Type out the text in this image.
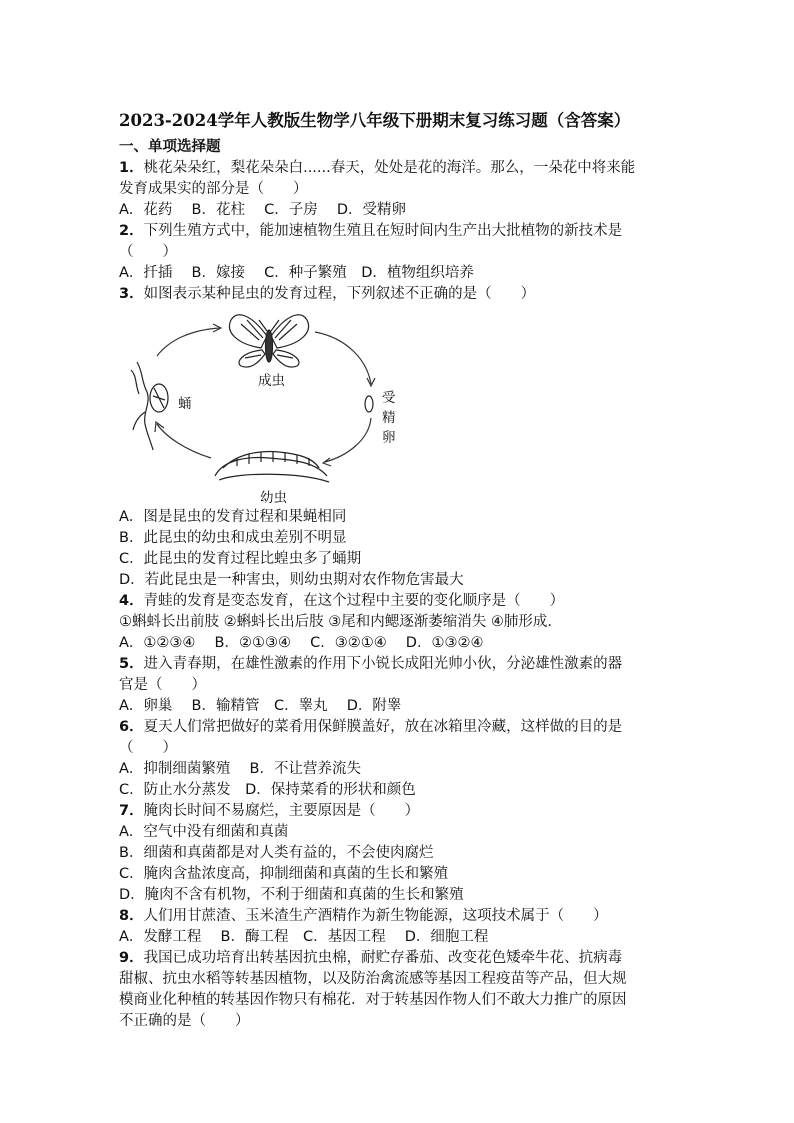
2023-2024学年人教版生物学八年级下册期末复习练习题（含答案）
一、单项选择题
1．桃花朵朵红，梨花朵朵白......春天，处处是花的海洋。那么，一朵花中将来能
发育成果实的部分是（　　）
A．花药　 B．花柱　 C．子房　 D．受精卵
2．下列生殖方式中，能加速植物生殖且在短时间内生产出大批植物的新技术是
（　　）
A．扦插　 B．嫁接　 C．种子繁殖　D．植物组织培养
3．如图表示某种昆虫的发育过程，下列叙述不正确的是（　　）
成虫
蛹	受
精
卵
幼虫
A．图是昆虫的发育过程和果蝇相同
B．此昆虫的幼虫和成虫差别不明显
C．此昆虫的发育过程比蝗虫多了蛹期
D．若此昆虫是一种害虫，则幼虫期对农作物危害最大
4．青蛙的发育是变态发育，在这个过程中主要的变化顺序是（　　）
①蝌蚪长出前肢 ②蝌蚪长出后肢 ③尾和内鳃逐渐萎缩消失 ④肺形成.
A．①②③④　 B．②①③④　 C．③②①④　 D．①③②④
5．进入青春期，在雄性激素的作用下小锐长成阳光帅小伙，分泌雄性激素的器
官是（　　）
A．卵巢　 B．输精管　C．睾丸　 D．附睾
6．夏天人们常把做好的菜肴用保鲜膜盖好，放在冰箱里冷藏，这样做的目的是
（　　）
A．抑制细菌繁殖　 B．不让营养流失
C．防止水分蒸发　D．保持菜肴的形状和颜色
7．腌肉长时间不易腐烂，主要原因是（　　）
A．空气中没有细菌和真菌
B．细菌和真菌都是对人类有益的，不会使肉腐烂
C．腌肉含盐浓度高，抑制细菌和真菌的生长和繁殖
D．腌肉不含有机物，不利于细菌和真菌的生长和繁殖
8．人们用甘蔗渣、玉米渣生产酒精作为新生物能源，这项技术属于（　　）
A．发酵工程　 B．酶工程　C．基因工程　 D．细胞工程
9．我国已成功培育出转基因抗虫棉，耐贮存番茄、改变花色矮牵牛花、抗病毒
甜椒、抗虫水稻等转基因植物，以及防治禽流感等基因工程疫苗等产品，但大规
模商业化种植的转基因作物只有棉花．对于转基因作物人们不敢大力推广的原因
不正确的是（　　）
